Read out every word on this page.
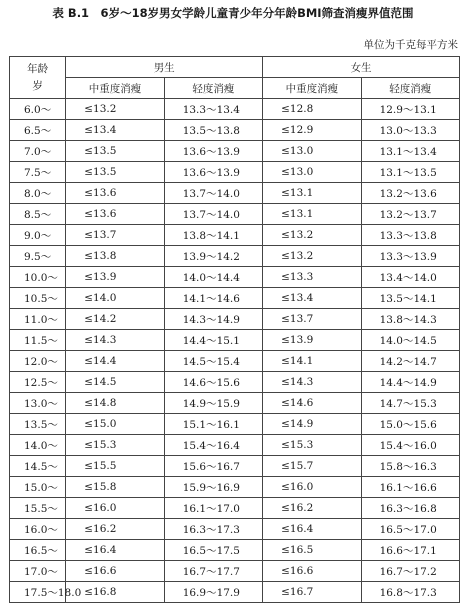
表 B.1　6岁～18岁男女学龄儿童青少年分年龄BMI筛查消瘦界值范围
单位为千克每平方米
年龄
岁	男生		女生	
	中重度消瘦	轻度消瘦	中重度消瘦	轻度消瘦
6.0～	≤13.2	13.3～13.4	≤12.8	12.9～13.1
6.5～	≤13.4	13.5～13.8	≤12.9	13.0～13.3
7.0～	≤13.5	13.6～13.9	≤13.0	13.1～13.4
7.5～	≤13.5	13.6～13.9	≤13.0	13.1～13.5
8.0～	≤13.6	13.7～14.0	≤13.1	13.2～13.6
8.5～	≤13.6	13.7～14.0	≤13.1	13.2～13.7
9.0～	≤13.7	13.8～14.1	≤13.2	13.3～13.8
9.5～	≤13.8	13.9～14.2	≤13.2	13.3～13.9
10.0～	≤13.9	14.0～14.4	≤13.3	13.4～14.0
10.5～	≤14.0	14.1～14.6	≤13.4	13.5～14.1
11.0～	≤14.2	14.3～14.9	≤13.7	13.8～14.3
11.5～	≤14.3	14.4～15.1	≤13.9	14.0～14.5
12.0～	≤14.4	14.5～15.4	≤14.1	14.2～14.7
12.5～	≤14.5	14.6～15.6	≤14.3	14.4～14.9
13.0～	≤14.8	14.9～15.9	≤14.6	14.7～15.3
13.5～	≤15.0	15.1～16.1	≤14.9	15.0～15.6
14.0～	≤15.3	15.4～16.4	≤15.3	15.4～16.0
14.5～	≤15.5	15.6～16.7	≤15.7	15.8～16.3
15.0～	≤15.8	15.9～16.9	≤16.0	16.1～16.6
15.5～	≤16.0	16.1～17.0	≤16.2	16.3～16.8
16.0～	≤16.2	16.3～17.3	≤16.4	16.5～17.0
16.5～	≤16.4	16.5～17.5	≤16.5	16.6～17.1
17.0～	≤16.6	16.7～17.7	≤16.6	16.7～17.2
17.5～18.0	≤16.8	16.9～17.9	≤16.7	16.8～17.3
